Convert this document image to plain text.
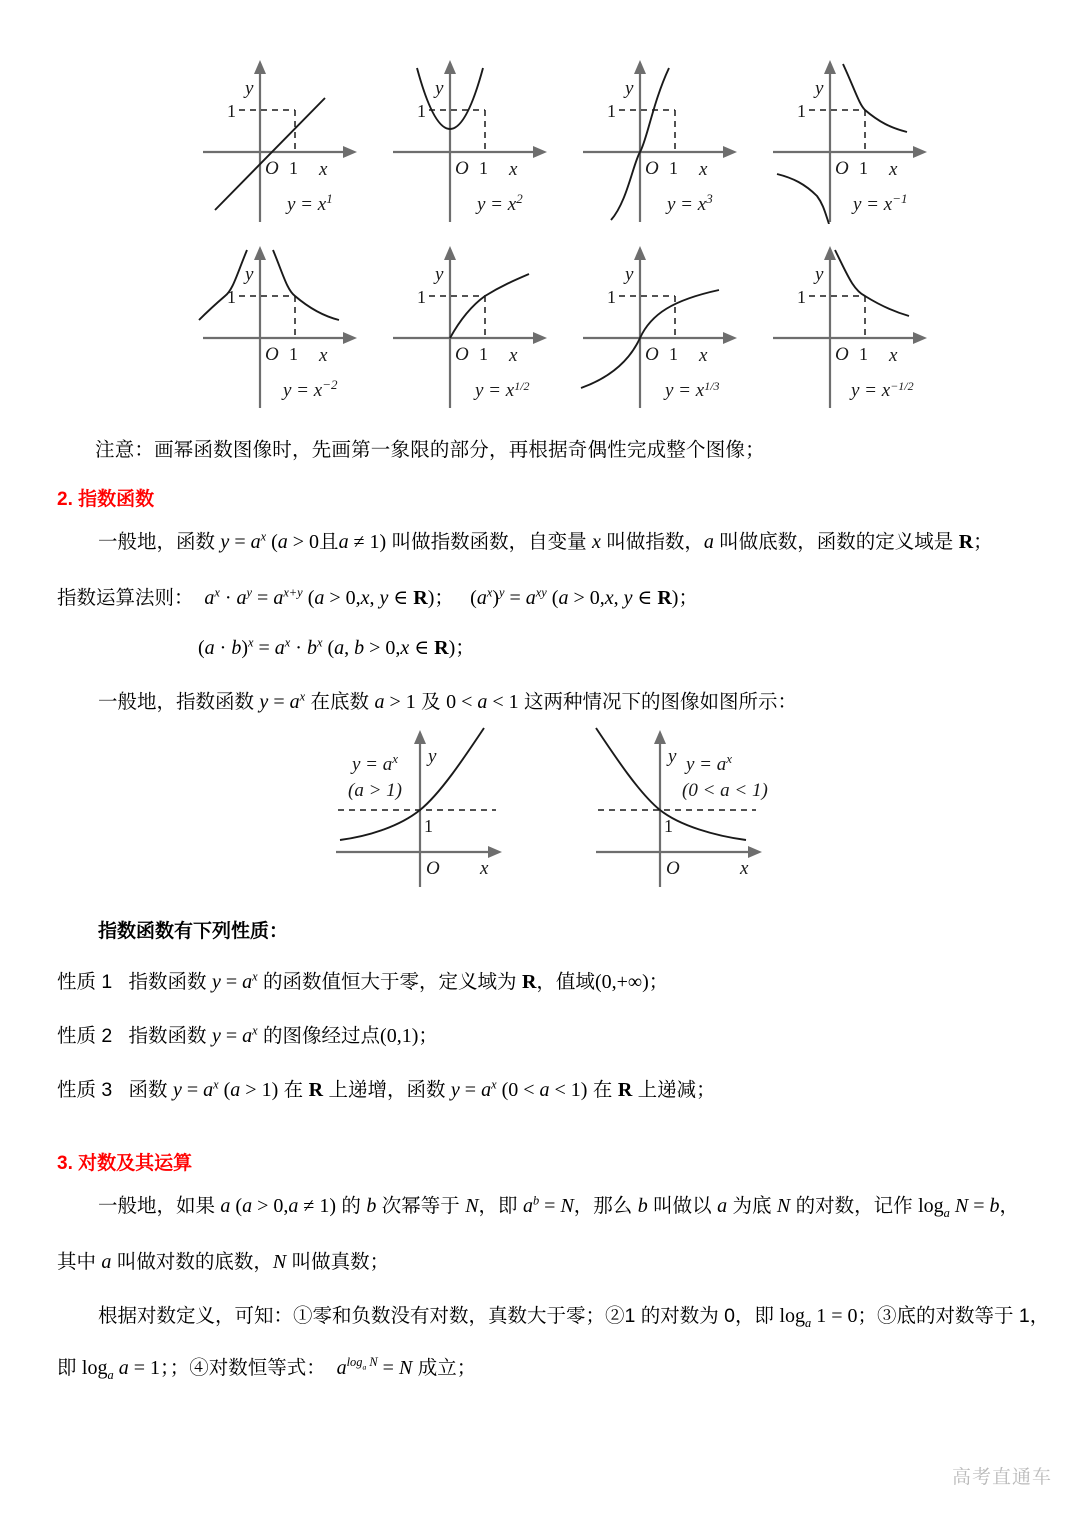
1
y
O 1 x
$y = x^1$
1
y
O 1 x
$y = x^2$
1
y
O 1 x
$y = x^3$
1
y
O 1 x
$y = x^{-1}$
1
y
O 1 x
$y = x^{-2}$
1
y
O 1 x
$y = x^{1/2}$
1
y
O 1 x
$y = x^{1/3}$
1
y
O 1 x
$y = x^{-1/2}$
注意：画幂函数图像时，先画第一象限的部分，再根据奇偶性完成整个图像；
2. 指数函数
一般地，函数 $y = a^x$ (a > 0且a ≠ 1) 叫做指数函数，自变量 x 叫做指数，a 叫做底数，函数的定义域是 R；
指数运算法则： $a^x \cdot a^y = a^{x+y}$ (a > 0,x, y ∈ R)； $(a^x)^y = a^{xy}$ (a > 0,x, y ∈ R)；
$(a \cdot b)^x = a^x \cdot b^x$ (a, b > 0,x ∈ R)；
一般地，指数函数 $y = a^x$ 在底数 a > 1 及 0 < a < 1 这两种情况下的图像如图所示：
y
1
O x
$y = a^x$
(a > 1)
y
1
O	x
$y = a^x$
(0 < a < 1)
指数函数有下列性质：
性质 1 指数函数 $y = a^x$ 的函数值恒大于零，定义域为 R，值域(0,+∞)；
性质 2 指数函数 $y = a^x$ 的图像经过点(0,1)；
性质 3 函数 $y = a^x$ (a > 1) 在 R 上递增，函数 $y = a^x$ (0 < a < 1) 在 R 上递减；
3. 对数及其运算
一般地，如果 a (a > 0,a ≠ 1) 的 b 次幂等于 N，即 $a^b = N$，那么 b 叫做以 a 为底 N 的对数，记作 $\log_a N = b$，
其中 a 叫做对数的底数，N 叫做真数；
根据对数定义，可知：①零和负数没有对数，真数大于零；②1 的对数为 0，即 $\log_a 1 = 0$；③底的对数等于 1，
即 $\log_a a = 1$；；④对数恒等式： $a^{log_a N} = N$ 成立；
高考直通车
